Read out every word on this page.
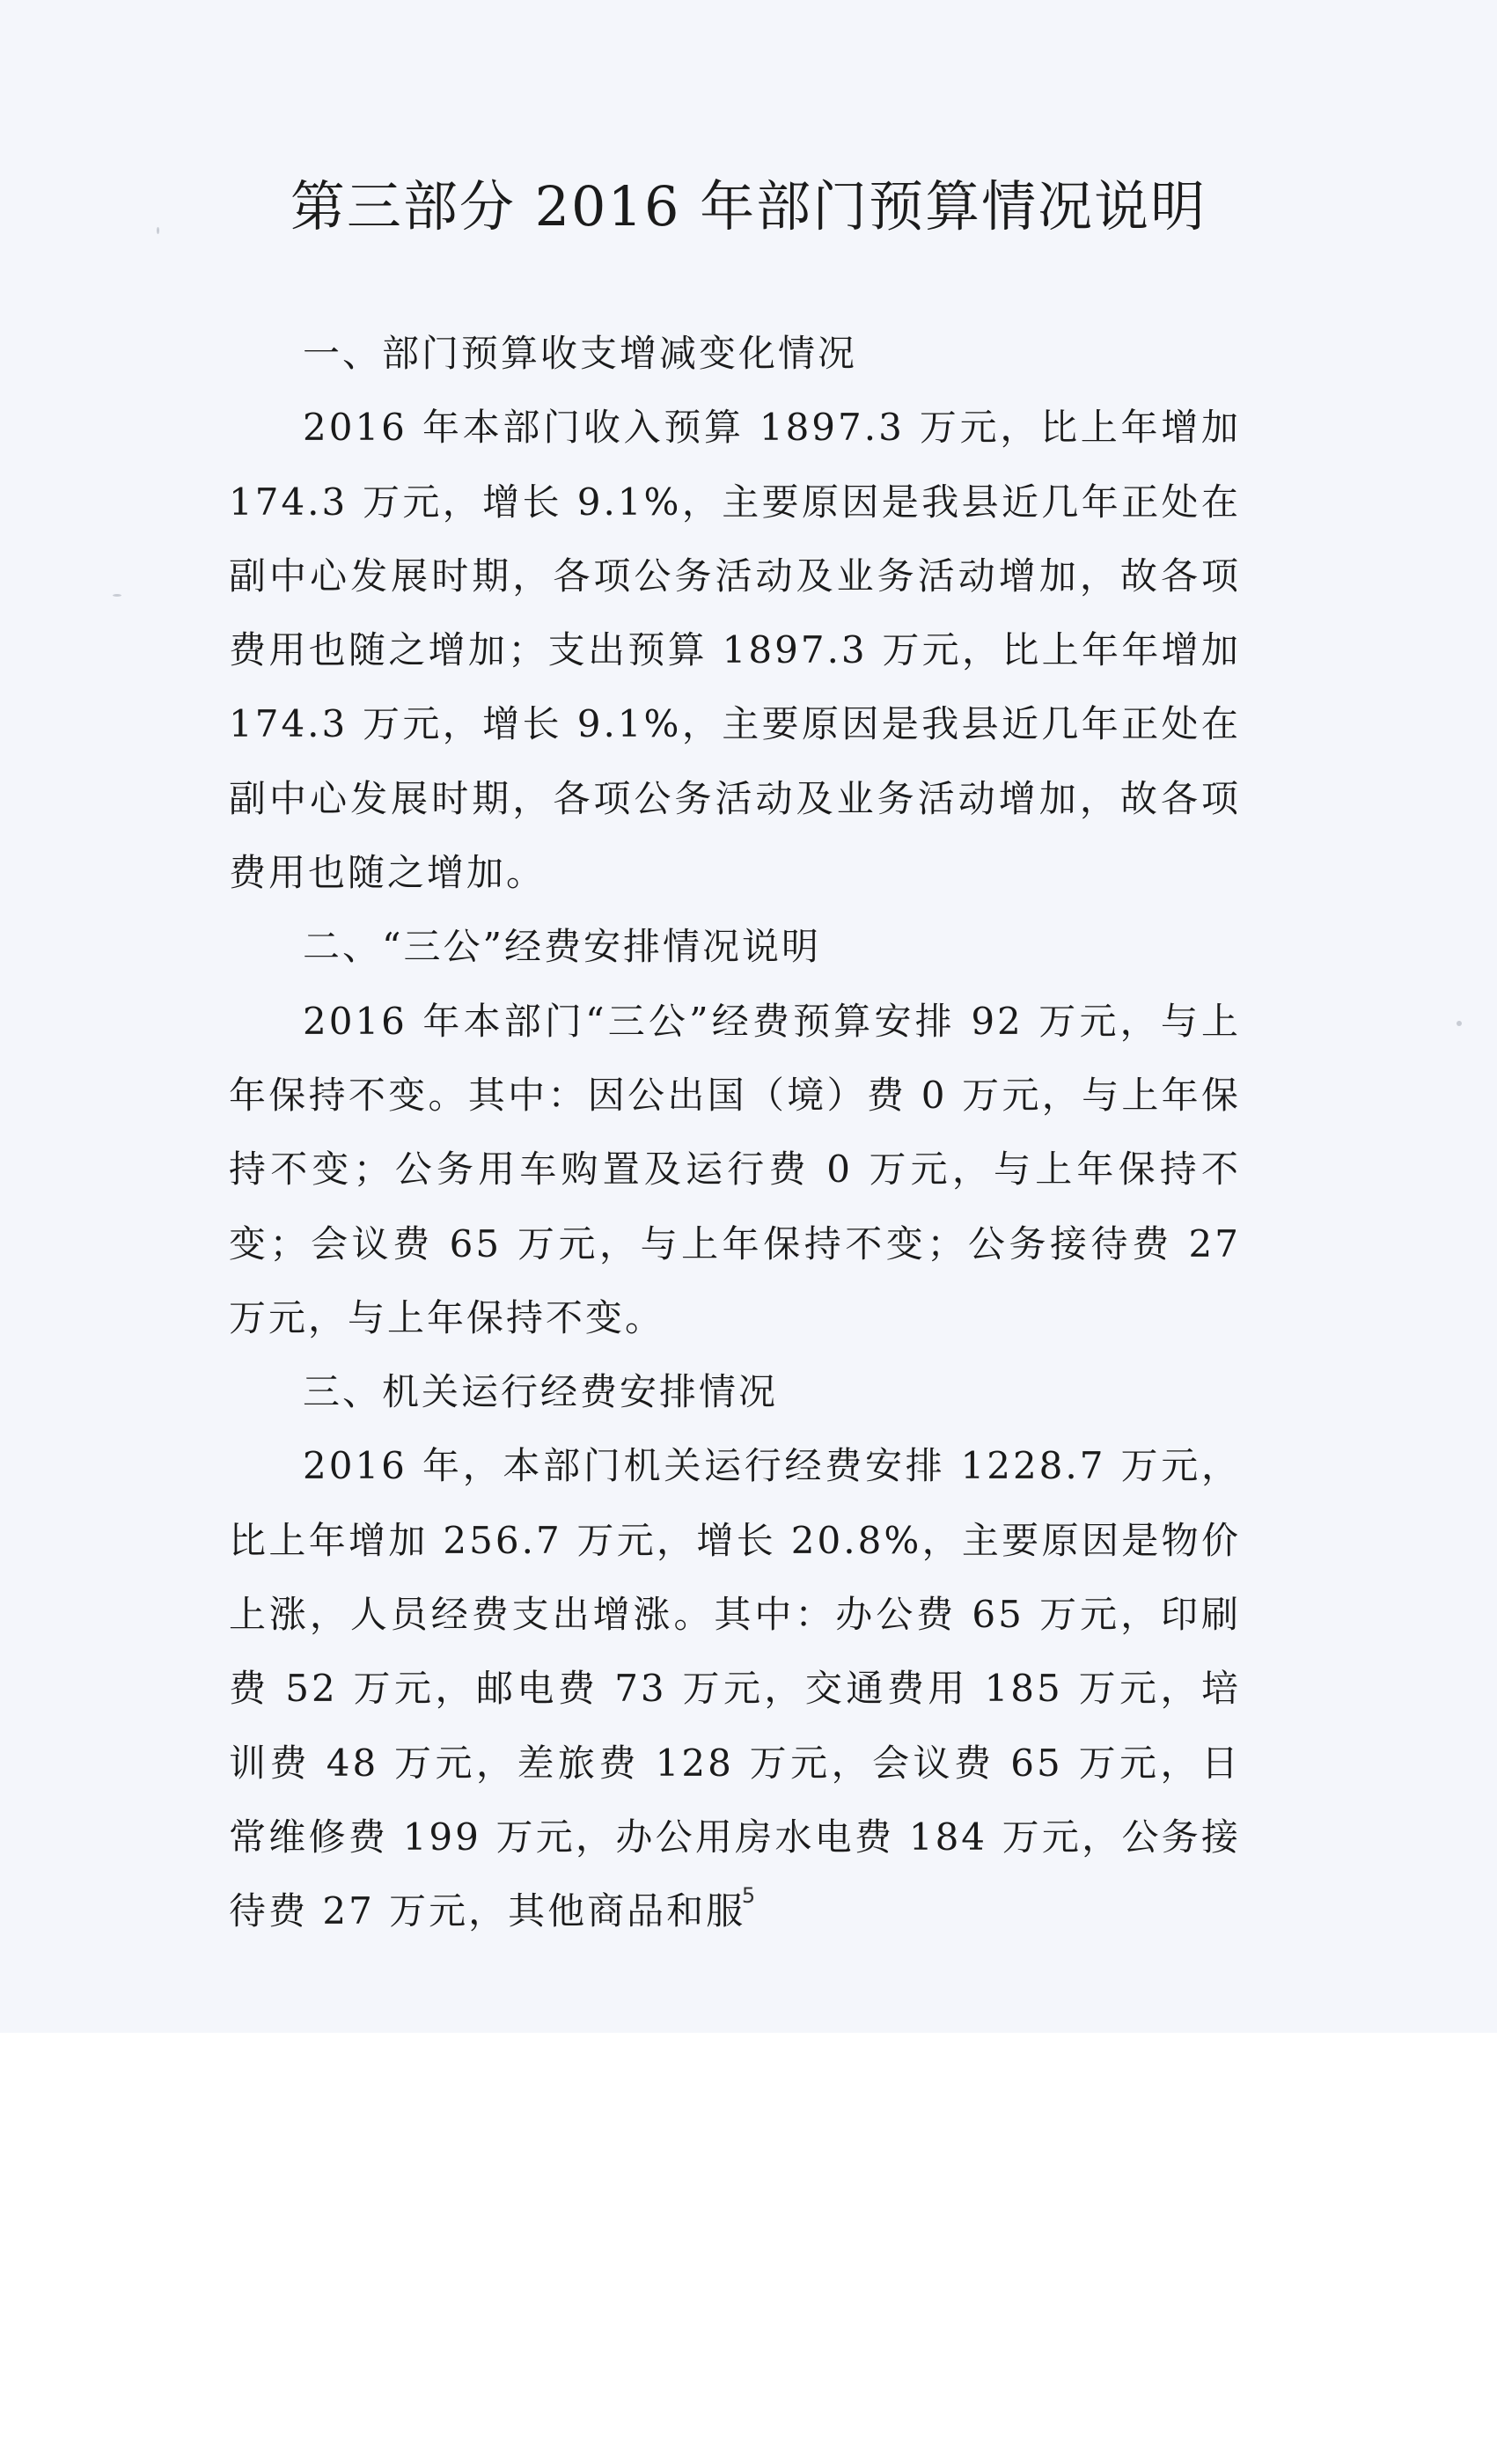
第三部分 2016 年部门预算情况说明

一、部门预算收支增减变化情况

2016 年本部门收入预算 1897.3 万元，比上年增加 174.3 万元，增长 9.1%，主要原因是我县近几年正处在副中心发展时期，各项公务活动及业务活动增加，故各项费用也随之增加；支出预算 1897.3 万元，比上年年增加 174.3 万元，增长 9.1%，主要原因是我县近几年正处在副中心发展时期，各项公务活动及业务活动增加，故各项费用也随之增加。

二、“三公”经费安排情况说明

2016 年本部门“三公”经费预算安排 92 万元，与上年保持不变。其中：因公出国（境）费 0 万元，与上年保持不变；公务用车购置及运行费 0 万元，与上年保持不变；会议费 65 万元，与上年保持不变；公务接待费 27 万元，与上年保持不变。

三、机关运行经费安排情况

2016 年，本部门机关运行经费安排 1228.7 万元，比上年增加 256.7 万元，增长 20.8%，主要原因是物价上涨，人员经费支出增涨。其中：办公费 65 万元，印刷费 52 万元，邮电费 73 万元，交通费用 185 万元，培训费 48 万元，差旅费 128 万元，会议费 65 万元，日常维修费 199 万元，办公用房水电费 184 万元，公务接待费 27 万元，其他商品和服

5
